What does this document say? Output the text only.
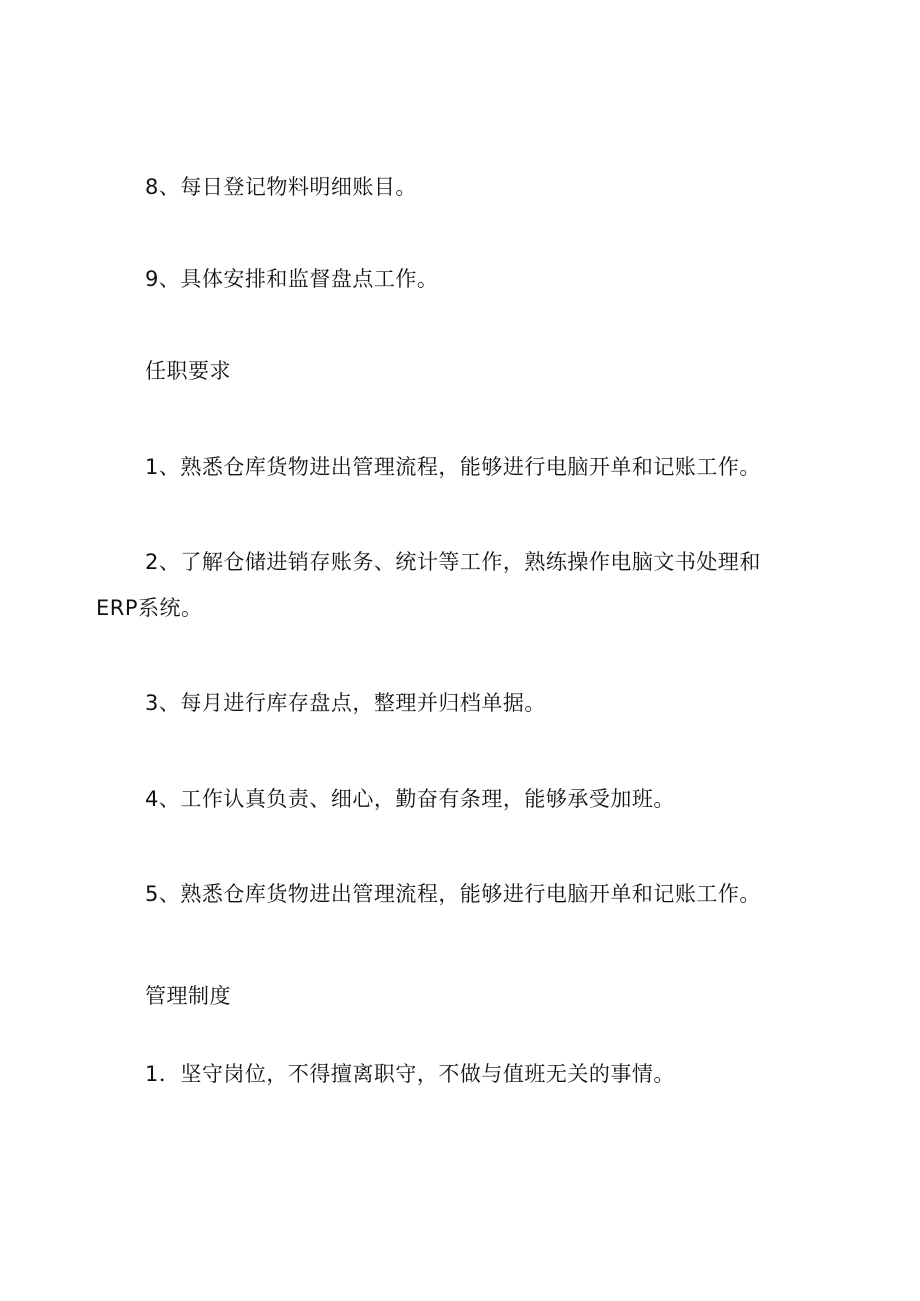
8、每日登记物料明细账目。
9、具体安排和监督盘点工作。
任职要求
1、熟悉仓库货物进出管理流程，能够进行电脑开单和记账工作。
2、了解仓储进销存账务、统计等工作，熟练操作电脑文书处理和
ERP系统。
3、每月进行库存盘点，整理并归档单据。
4、工作认真负责、细心，勤奋有条理，能够承受加班。
5、熟悉仓库货物进出管理流程，能够进行电脑开单和记账工作。
管理制度
1．坚守岗位，不得擅离职守，不做与值班无关的事情。
